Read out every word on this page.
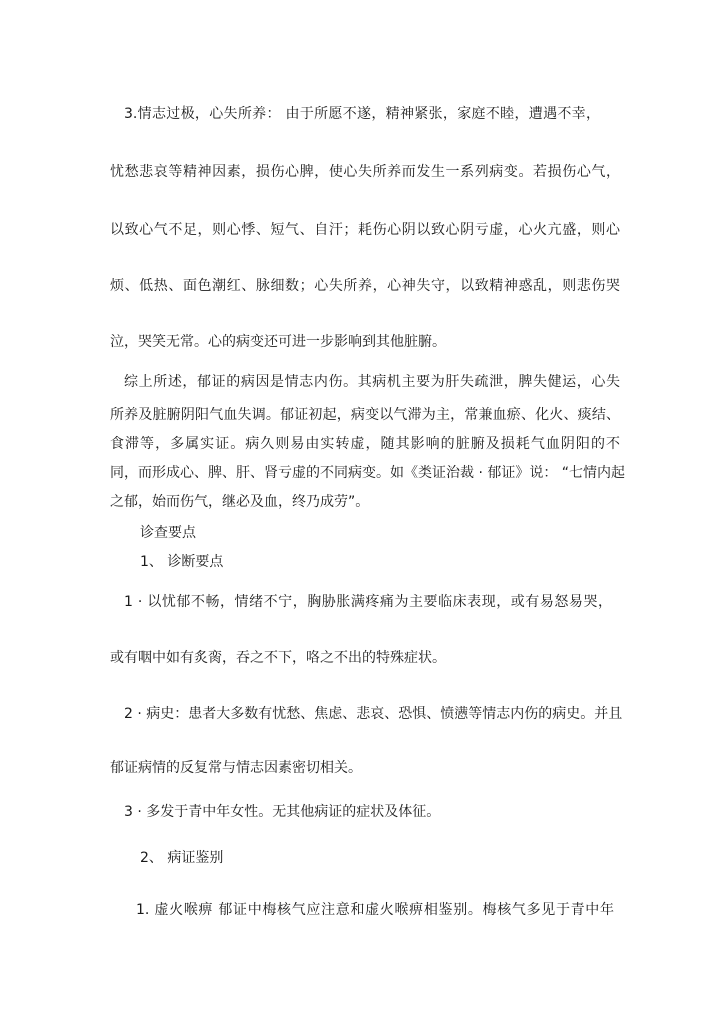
3.情志过极，心失所养： 由于所愿不遂，精神紧张，家庭不睦，遭遇不幸，
忧愁悲哀等精神因素，损伤心脾，使心失所养而发生一系列病变。若损伤心气，
以致心气不足，则心悸、短气、自汗；耗伤心阴以致心阴亏虚，心火亢盛，则心
烦、低热、面色潮红、脉细数；心失所养，心神失守，以致精神惑乱，则悲伤哭
泣，哭笑无常。心的病变还可进一步影响到其他脏腑。
综上所述，郁证的病因是情志内伤。其病机主要为肝失疏泄，脾失健运，心失
所养及脏腑阴阳气血失调。郁证初起，病变以气滞为主，常兼血瘀、化火、痰结、
食滞等，多属实证。病久则易由实转虚，随其影响的脏腑及损耗气血阴阳的不
同，而形成心、脾、肝、肾亏虚的不同病变。如《类证治裁 · 郁证》说： “七情内起
之郁，始而伤气，继必及血，终乃成劳”。
诊查要点
1、 诊断要点
1 · 以忧郁不畅，情绪不宁，胸胁胀满疼痛为主要临床表现，或有易怒易哭，
或有咽中如有炙脔，吞之不下，咯之不出的特殊症状。
2 · 病史：患者大多数有忧愁、焦虑、悲哀、恐惧、愤懑等情志内伤的病史。并且
郁证病情的反复常与情志因素密切相关。
3 · 多发于青中年女性。无其他病证的症状及体征。
2、 病证鉴别
1. 虚火喉痹 郁证中梅核气应注意和虚火喉痹相鉴别。梅核气多见于青中年
